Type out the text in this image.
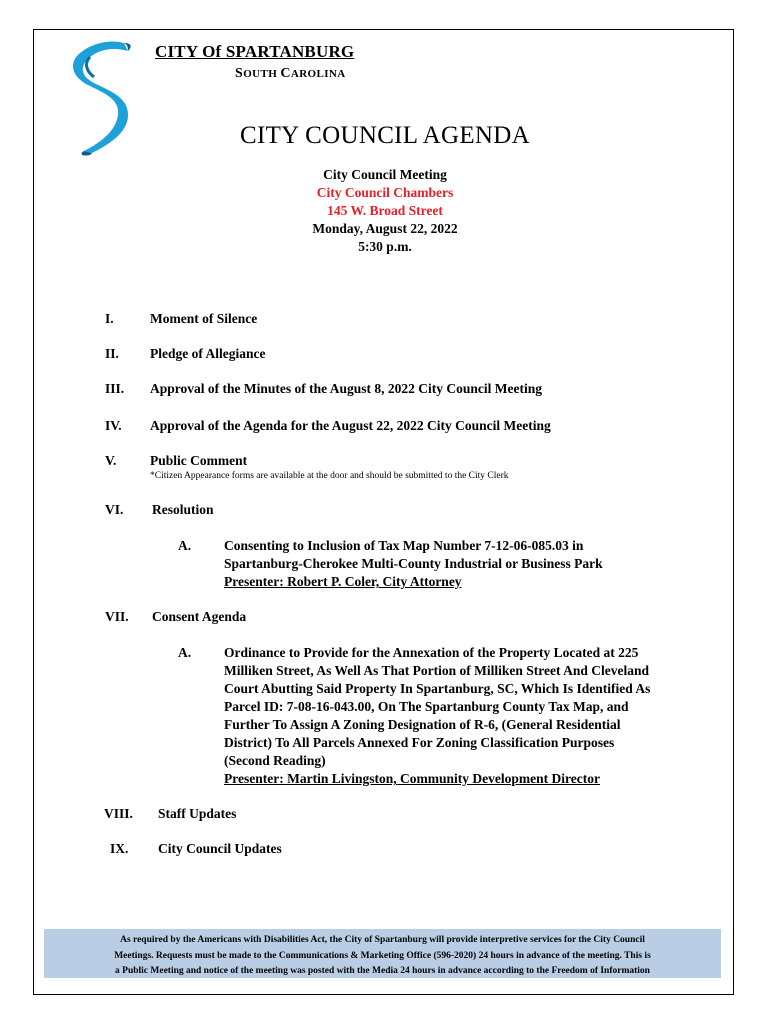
CITY Of SPARTANBURG
SOUTH CAROLINA
CITY COUNCIL AGENDA
City Council Meeting
City Council Chambers
145 W. Broad Street
Monday, August 22, 2022
5:30 p.m.
I.	Moment of Silence
II. Pledge of Allegiance
III. Approval of the Minutes of the August 8, 2022 City Council Meeting
IV. Approval of the Agenda for the August 22, 2022 City Council Meeting
V. Public Comment
*Citizen Appearance forms are available at the door and should be submitted to the City Clerk
VI. Resolution
A. Consenting to Inclusion of Tax Map Number 7-12-06-085.03 in
Spartanburg-Cherokee Multi-County Industrial or Business Park
Presenter: Robert P. Coler, City Attorney
VII. Consent Agenda
A. Ordinance to Provide for the Annexation of the Property Located at 225
Milliken Street, As Well As That Portion of Milliken Street And Cleveland
Court Abutting Said Property In Spartanburg, SC, Which Is Identified As
Parcel ID: 7-08-16-043.00, On The Spartanburg County Tax Map, and
Further To Assign A Zoning Designation of R-6, (General Residential
District) To All Parcels Annexed For Zoning Classification Purposes
(Second Reading)
Presenter: Martin Livingston, Community Development Director
VIII. Staff Updates
IX. City Council Updates
As required by the Americans with Disabilities Act, the City of Spartanburg will provide interpretive services for the City Council
Meetings. Requests must be made to the Communications & Marketing Office (596-2020) 24 hours in advance of the meeting. This is
a Public Meeting and notice of the meeting was posted with the Media 24 hours in advance according to the Freedom of Information
